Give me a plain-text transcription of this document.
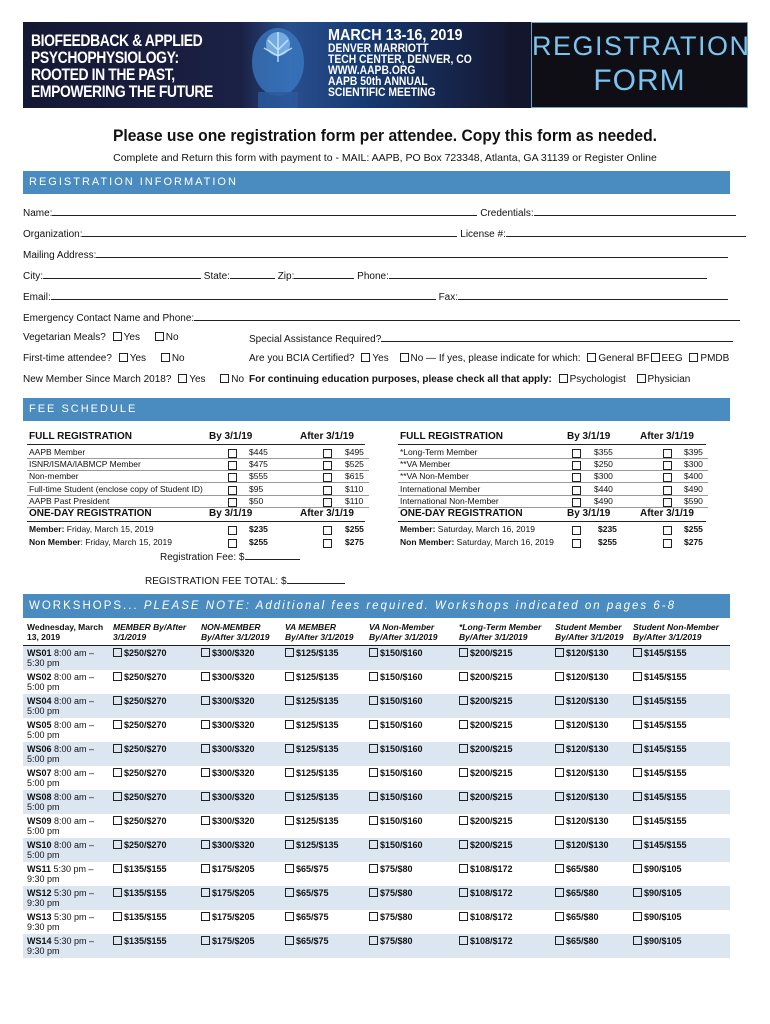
BIOFEEDBACK & APPLIED
PSYCHOPHYSIOLOGY:
ROOTED IN THE PAST,
EMPOWERING THE FUTURE
MARCH 13-16, 2019
DENVER MARRIOTT
TECH CENTER, DENVER, CO
WWW.AAPB.ORG
AAPB 50th ANNUAL
SCIENTIFIC MEETING
REGISTRATION
FORM
Please use one registration form per attendee. Copy this form as needed.
Complete and Return this form with payment to - MAIL: AAPB, PO Box 723348, Atlanta, GA 31139 or Register Online
REGISTRATION INFORMATION
Name:	Credentials:
Organization:	License #:
Mailing Address:
City:	State:	Zip:	Phone:
Email:	Fax:
Emergency Contact Name and Phone:
Vegetarian Meals? Yes	No	Special Assistance Required?
First-time attendee? Yes	No	Are you BCIA Certified? Yes No — If yes, please indicate for which: General BF EEG PMDB
New Member Since March 2018? Yes	No For continuing education purposes, please check all that apply: Psychologist Physician
FEE SCHEDULE
FULL REGISTRATION	By 3/1/19	After 3/1/19	FULL REGISTRATION	By 3/1/19	After 3/1/19
AAPB Member	$445	$495
ISNR/ISMA/IABMCP Member	$475	$525
Non-member	$555	$615
Full-time Student (enclose copy of Student ID)	$95	$110
AAPB Past President	$50	$110
*Long-Term Member	$355	$395
**VA Member	$250	$300
**VA Non-Member	$300	$400
International Member	$440	$490
International Non-Member	$490	$590
ONE-DAY REGISTRATION	By 3/1/19	After 3/1/19	ONE-DAY REGISTRATION	By 3/1/19	After 3/1/19
Member: Friday, March 15, 2019	$235	$255
Non Member: Friday, March 15, 2019	$255	$275
Member: Saturday, March 16, 2019	$235	$255
Non Member: Saturday, March 16, 2019	$255	$275
Registration Fee: $
REGISTRATION FEE TOTAL: $
WORKSHOPS... PLEASE NOTE: Additional fees required. Workshops indicated on pages 6-8
Wednesday, March 13, 2019	MEMBER By/After 3/1/2019	NON-MEMBER By/After 3/1/2019	VA MEMBER By/After 3/1/2019	VA Non-Member By/After 3/1/2019	*Long-Term Member By/After 3/1/2019	Student Member By/After 3/1/2019	Student Non-Member By/After 3/1/2019
WS01 8:00 am – 5:30 pm	$250/$270	$300/$320	$125/$135	$150/$160	$200/$215	$120/$130	$145/$155
WS02 8:00 am – 5:00 pm	$250/$270	$300/$320	$125/$135	$150/$160	$200/$215	$120/$130	$145/$155
WS04 8:00 am – 5:00 pm	$250/$270	$300/$320	$125/$135	$150/$160	$200/$215	$120/$130	$145/$155
WS05 8:00 am – 5:00 pm	$250/$270	$300/$320	$125/$135	$150/$160	$200/$215	$120/$130	$145/$155
WS06 8:00 am – 5:00 pm	$250/$270	$300/$320	$125/$135	$150/$160	$200/$215	$120/$130	$145/$155
WS07 8:00 am – 5:00 pm	$250/$270	$300/$320	$125/$135	$150/$160	$200/$215	$120/$130	$145/$155
WS08 8:00 am – 5:00 pm	$250/$270	$300/$320	$125/$135	$150/$160	$200/$215	$120/$130	$145/$155
WS09 8:00 am – 5:00 pm	$250/$270	$300/$320	$125/$135	$150/$160	$200/$215	$120/$130	$145/$155
WS10 8:00 am – 5:00 pm	$250/$270	$300/$320	$125/$135	$150/$160	$200/$215	$120/$130	$145/$155
WS11 5:30 pm – 9:30 pm	$135/$155	$175/$205	$65/$75	$75/$80	$108/$172	$65/$80	$90/$105
WS12 5:30 pm – 9:30 pm	$135/$155	$175/$205	$65/$75	$75/$80	$108/$172	$65/$80	$90/$105
WS13 5:30 pm – 9:30 pm	$135/$155	$175/$205	$65/$75	$75/$80	$108/$172	$65/$80	$90/$105
WS14 5:30 pm – 9:30 pm	$135/$155	$175/$205	$65/$75	$75/$80	$108/$172	$65/$80	$90/$105
